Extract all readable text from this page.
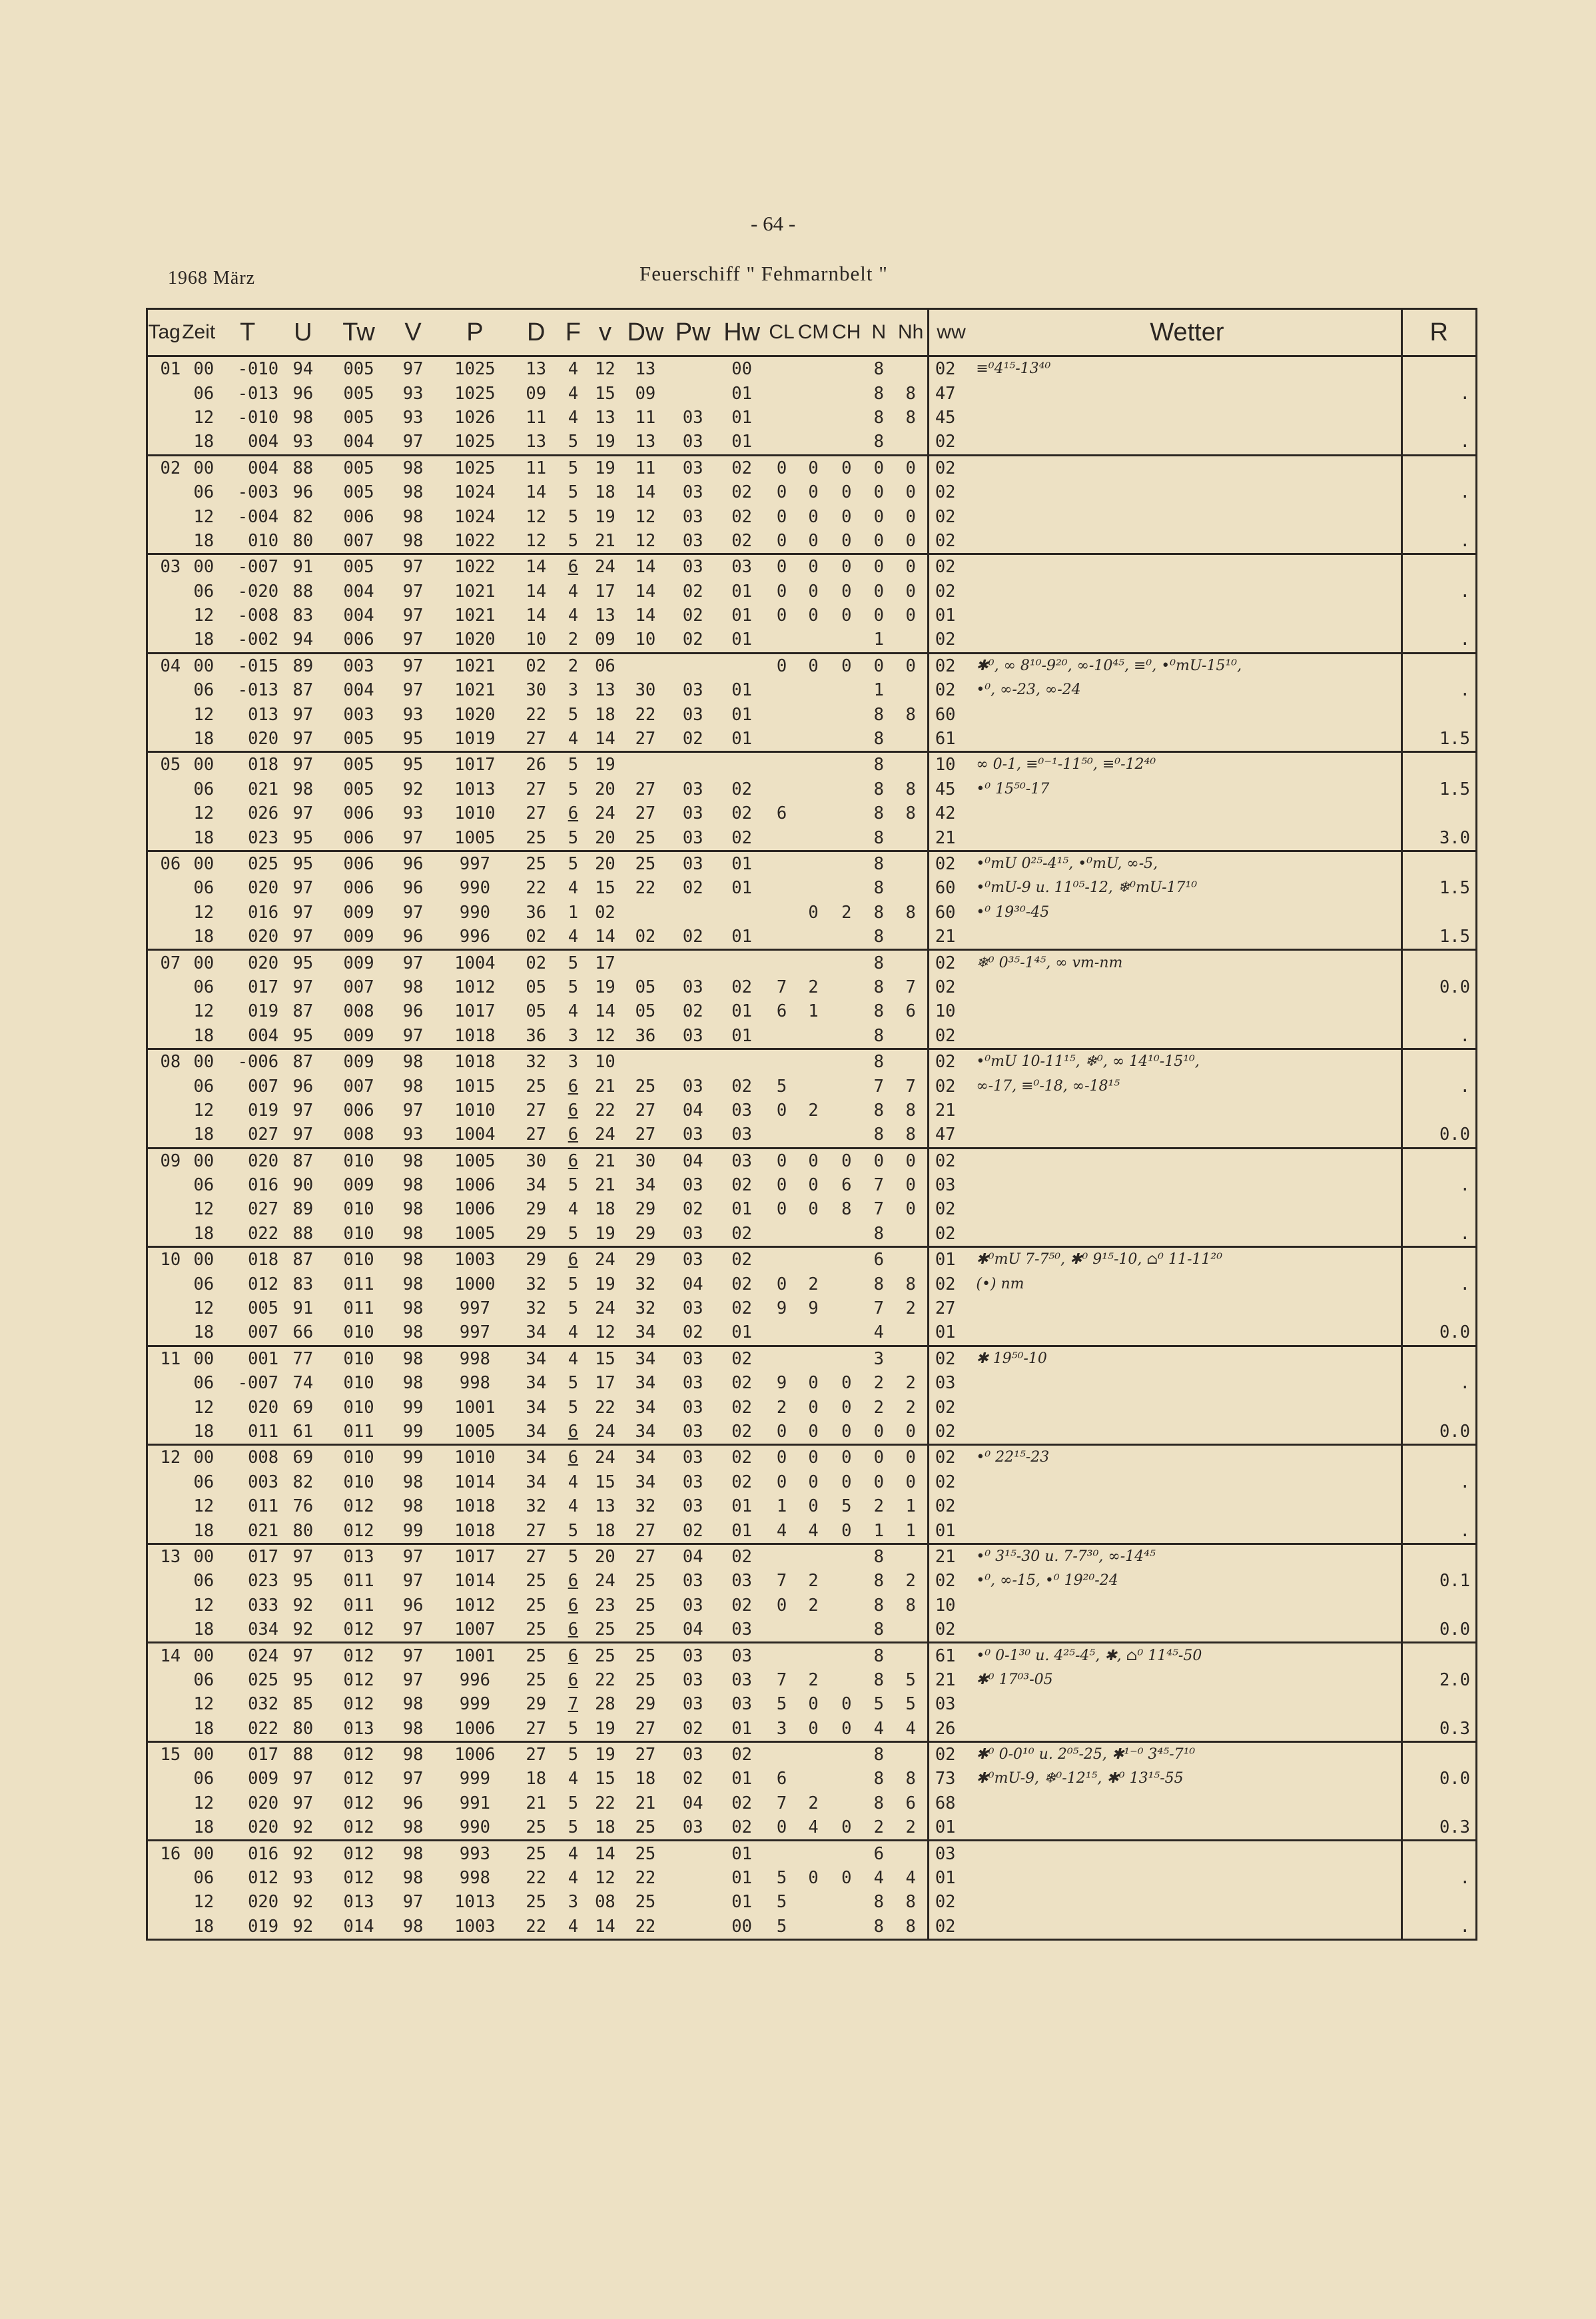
- 64 -
1968 März	Feuerschiff " Fehmarnbelt "
Tag	Zeit	T	U	Tw	V	P	D	F	v	Dw	Pw	Hw	CL	CM	CH	N	Nh	ww	Wetter	R
01	00	-010	94	005	97	1025	13	4	12	13		00				8		02	≡⁰4¹⁵-13⁴⁰	
	06	-013	96	005	93	1025	09	4	15	09		01				8	8	47		.
	12	-010	98	005	93	1026	11	4	13	11	03	01				8	8	45		
	18	004	93	004	97	1025	13	5	19	13	03	01				8		02		.
02	00	004	88	005	98	1025	11	5	19	11	03	02	0	0	0	0	0	02		
	06	-003	96	005	98	1024	14	5	18	14	03	02	0	0	0	0	0	02		.
	12	-004	82	006	98	1024	12	5	19	12	03	02	0	0	0	0	0	02		
	18	010	80	007	98	1022	12	5	21	12	03	02	0	0	0	0	0	02		.
03	00	-007	91	005	97	1022	14	6	24	14	03	03	0	0	0	0	0	02		
	06	-020	88	004	97	1021	14	4	17	14	02	01	0	0	0	0	0	02		.
	12	-008	83	004	97	1021	14	4	13	14	02	01	0	0	0	0	0	01		
	18	-002	94	006	97	1020	10	2	09	10	02	01				1		02		.
04	00	-015	89	003	97	1021	02	2	06				0	0	0	0	0	02	✱⁰, ∞ 8¹⁰-9²⁰, ∞-10⁴⁵, ≡⁰, •⁰mU-15¹⁰,	
	06	-013	87	004	97	1021	30	3	13	30	03	01				1		02	•⁰, ∞-23, ∞-24	.
	12	013	97	003	93	1020	22	5	18	22	03	01				8	8	60		
	18	020	97	005	95	1019	27	4	14	27	02	01				8		61		1.5
05	00	018	97	005	95	1017	26	5	19							8		10	∞ 0-1, ≡⁰⁻¹-11⁵⁰, ≡⁰-12⁴⁰	
	06	021	98	005	92	1013	27	5	20	27	03	02				8	8	45	•⁰ 15⁵⁰-17	1.5
	12	026	97	006	93	1010	27	6	24	27	03	02	6			8	8	42		
	18	023	95	006	97	1005	25	5	20	25	03	02				8		21		3.0
06	00	025	95	006	96	997	25	5	20	25	03	01				8		02	•⁰mU 0²⁵-4¹⁵, •⁰mU, ∞-5,	
	06	020	97	006	96	990	22	4	15	22	02	01				8		60	•⁰mU-9 u. 11⁰⁵-12, ❄⁰mU-17¹⁰	1.5
	12	016	97	009	97	990	36	1	02					0	2	8	8	60	•⁰ 19³⁰-45	
	18	020	97	009	96	996	02	4	14	02	02	01				8		21		1.5
07	00	020	95	009	97	1004	02	5	17							8		02	❄⁰ 0³⁵-1⁴⁵, ∞ vm-nm	
	06	017	97	007	98	1012	05	5	19	05	03	02	7	2		8	7	02		0.0
	12	019	87	008	96	1017	05	4	14	05	02	01	6	1		8	6	10		
	18	004	95	009	97	1018	36	3	12	36	03	01				8		02		.
08	00	-006	87	009	98	1018	32	3	10							8		02	•⁰mU 10-11¹⁵, ❄⁰, ∞ 14¹⁰-15¹⁰,	
	06	007	96	007	98	1015	25	6	21	25	03	02	5			7	7	02	∞-17, ≡⁰-18, ∞-18¹⁵	.
	12	019	97	006	97	1010	27	6	22	27	04	03	0	2		8	8	21		
	18	027	97	008	93	1004	27	6	24	27	03	03				8	8	47		0.0
09	00	020	87	010	98	1005	30	6	21	30	04	03	0	0	0	0	0	02		
	06	016	90	009	98	1006	34	5	21	34	03	02	0	0	6	7	0	03		.
	12	027	89	010	98	1006	29	4	18	29	02	01	0	0	8	7	0	02		
	18	022	88	010	98	1005	29	5	19	29	03	02				8		02		.
10	00	018	87	010	98	1003	29	6	24	29	03	02				6		01	✱⁰mU 7-7⁵⁰, ✱⁰ 9¹⁵-10, ⌂⁰ 11-11²⁰	
	06	012	83	011	98	1000	32	5	19	32	04	02	0	2		8	8	02	(•) nm	.
	12	005	91	011	98	997	32	5	24	32	03	02	9	9		7	2	27		
	18	007	66	010	98	997	34	4	12	34	02	01				4		01		0.0
11	00	001	77	010	98	998	34	4	15	34	03	02				3		02	✱ 19⁵⁰-10	
	06	-007	74	010	98	998	34	5	17	34	03	02	9	0	0	2	2	03		.
	12	020	69	010	99	1001	34	5	22	34	03	02	2	0	0	2	2	02		
	18	011	61	011	99	1005	34	6	24	34	03	02	0	0	0	0	0	02		0.0
12	00	008	69	010	99	1010	34	6	24	34	03	02	0	0	0	0	0	02	•⁰ 22¹⁵-23	
	06	003	82	010	98	1014	34	4	15	34	03	02	0	0	0	0	0	02		.
	12	011	76	012	98	1018	32	4	13	32	03	01	1	0	5	2	1	02		
	18	021	80	012	99	1018	27	5	18	27	02	01	4	4	0	1	1	01		.
13	00	017	97	013	97	1017	27	5	20	27	04	02				8		21	•⁰ 3¹⁵-30 u. 7-7³⁰, ∞-14⁴⁵	
	06	023	95	011	97	1014	25	6	24	25	03	03	7	2		8	2	02	•⁰, ∞-15, •⁰ 19²⁰-24	0.1
	12	033	92	011	96	1012	25	6	23	25	03	02	0	2		8	8	10		
	18	034	92	012	97	1007	25	6	25	25	04	03				8		02		0.0
14	00	024	97	012	97	1001	25	6	25	25	03	03				8		61	•⁰ 0-1³⁰ u. 4²⁵-4⁵, ✱, ⌂⁰ 11⁴⁵-50	
	06	025	95	012	97	996	25	6	22	25	03	03	7	2		8	5	21	✱⁰ 17⁰³-05	2.0
	12	032	85	012	98	999	29	7	28	29	03	03	5	0	0	5	5	03		
	18	022	80	013	98	1006	27	5	19	27	02	01	3	0	0	4	4	26		0.3
15	00	017	88	012	98	1006	27	5	19	27	03	02				8		02	✱⁰ 0-0¹⁰ u. 2⁰⁵-25, ✱¹⁻⁰ 3⁴⁵-7¹⁰	
	06	009	97	012	97	999	18	4	15	18	02	01	6			8	8	73	✱⁰mU-9, ❄⁰-12¹⁵, ✱⁰ 13¹⁵-55	0.0
	12	020	97	012	96	991	21	5	22	21	04	02	7	2		8	6	68		
	18	020	92	012	98	990	25	5	18	25	03	02	0	4	0	2	2	01		0.3
16	00	016	92	012	98	993	25	4	14	25		01				6		03		
	06	012	93	012	98	998	22	4	12	22		01	5	0	0	4	4	01		.
	12	020	92	013	97	1013	25	3	08	25		01	5			8	8	02		
	18	019	92	014	98	1003	22	4	14	22		00	5			8	8	02		.
